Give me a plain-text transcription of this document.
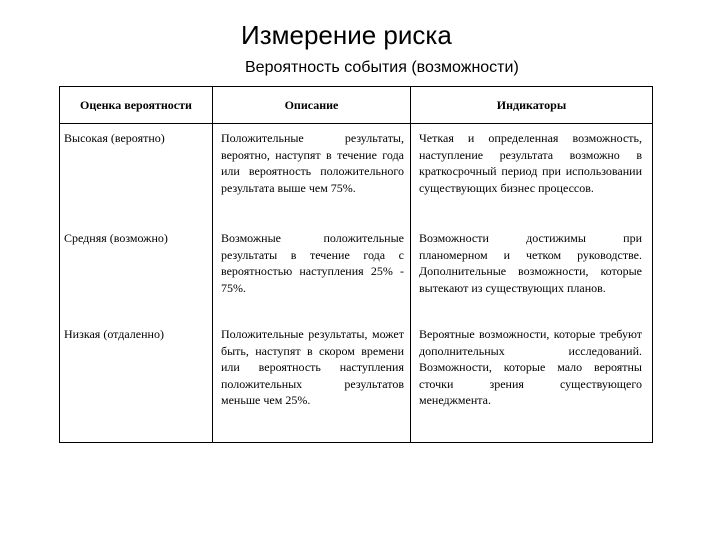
Измерение риска
Вероятность события (возможности)
Оценка вероятности	Описание	Индикаторы
Высокая (вероятно)	Положительные результаты, вероятно, наступят в течение года или вероятность положительного результата выше чем 75%.	Четкая и определенная возможность, наступление результата возможно в краткосрочный период при использовании существующих бизнес процессов.
Средняя (возможно)	Возможные положительные результаты в течение года с вероятностью наступления 25% - 75%.	Возможности достижимы при планомерном и четком руководстве. Дополнительные возможности, которые вытекают из существующих планов.
Низкая (отдаленно)	Положительные результаты, может быть, наступят в скором времени или вероятность наступления положительных результатов меньше чем 25%.	Вероятные возможности, которые требуют дополнительных исследований. Возможности, которые мало вероятны сточки зрения существующего менеджмента.
